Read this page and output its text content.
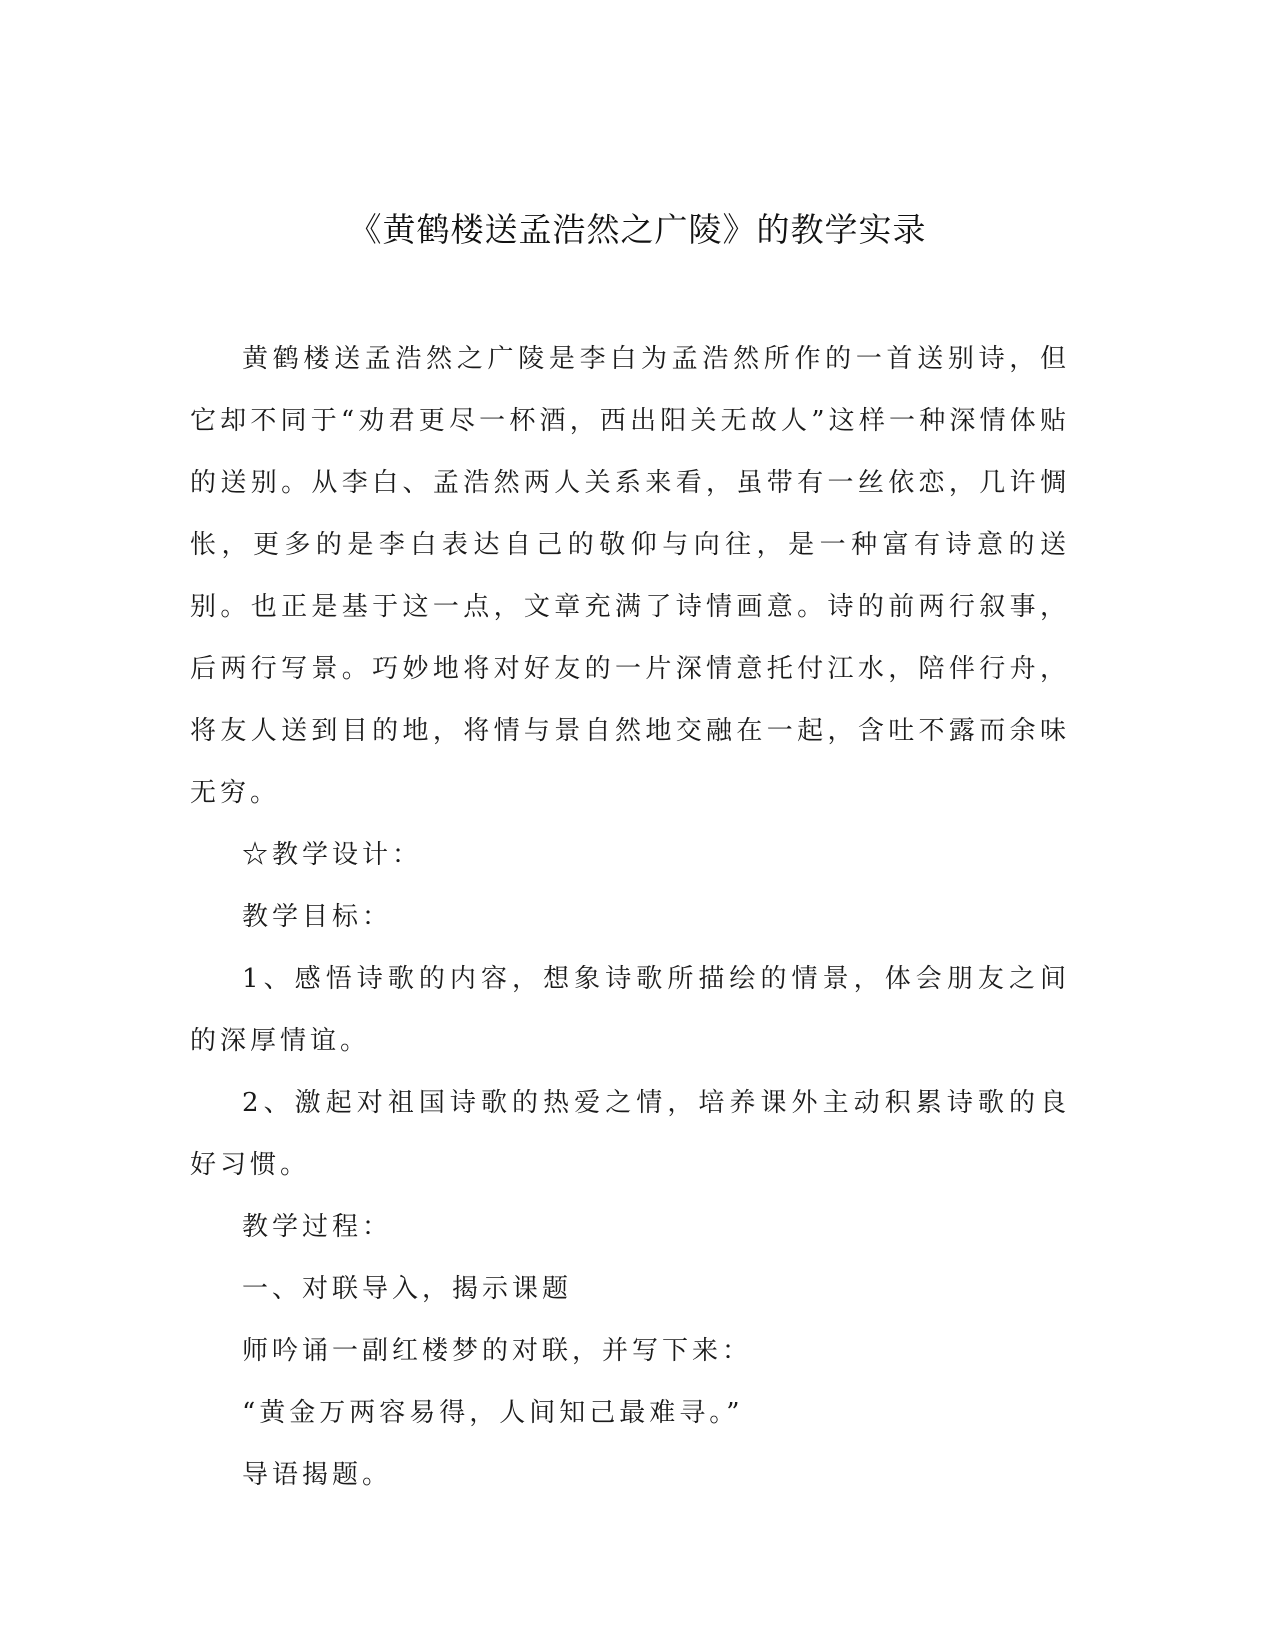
《黄鹤楼送孟浩然之广陵》的教学实录

黄鹤楼送孟浩然之广陵是李白为孟浩然所作的一首送别诗，但它却不同于“劝君更尽一杯酒，西出阳关无故人”这样一种深情体贴的送别。从李白、孟浩然两人关系来看，虽带有一丝依恋，几许惆怅，更多的是李白表达自己的敬仰与向往，是一种富有诗意的送别。也正是基于这一点，文章充满了诗情画意。诗的前两行叙事，后两行写景。巧妙地将对好友的一片深情意托付江水，陪伴行舟，将友人送到目的地，将情与景自然地交融在一起，含吐不露而余味无穷。

☆教学设计：

教学目标：

1、感悟诗歌的内容，想象诗歌所描绘的情景，体会朋友之间的深厚情谊。

2、激起对祖国诗歌的热爱之情，培养课外主动积累诗歌的良好习惯。

教学过程：

一、对联导入，揭示课题

师吟诵一副红楼梦的对联，并写下来：

“黄金万两容易得，人间知己最难寻。”

导语揭题。
